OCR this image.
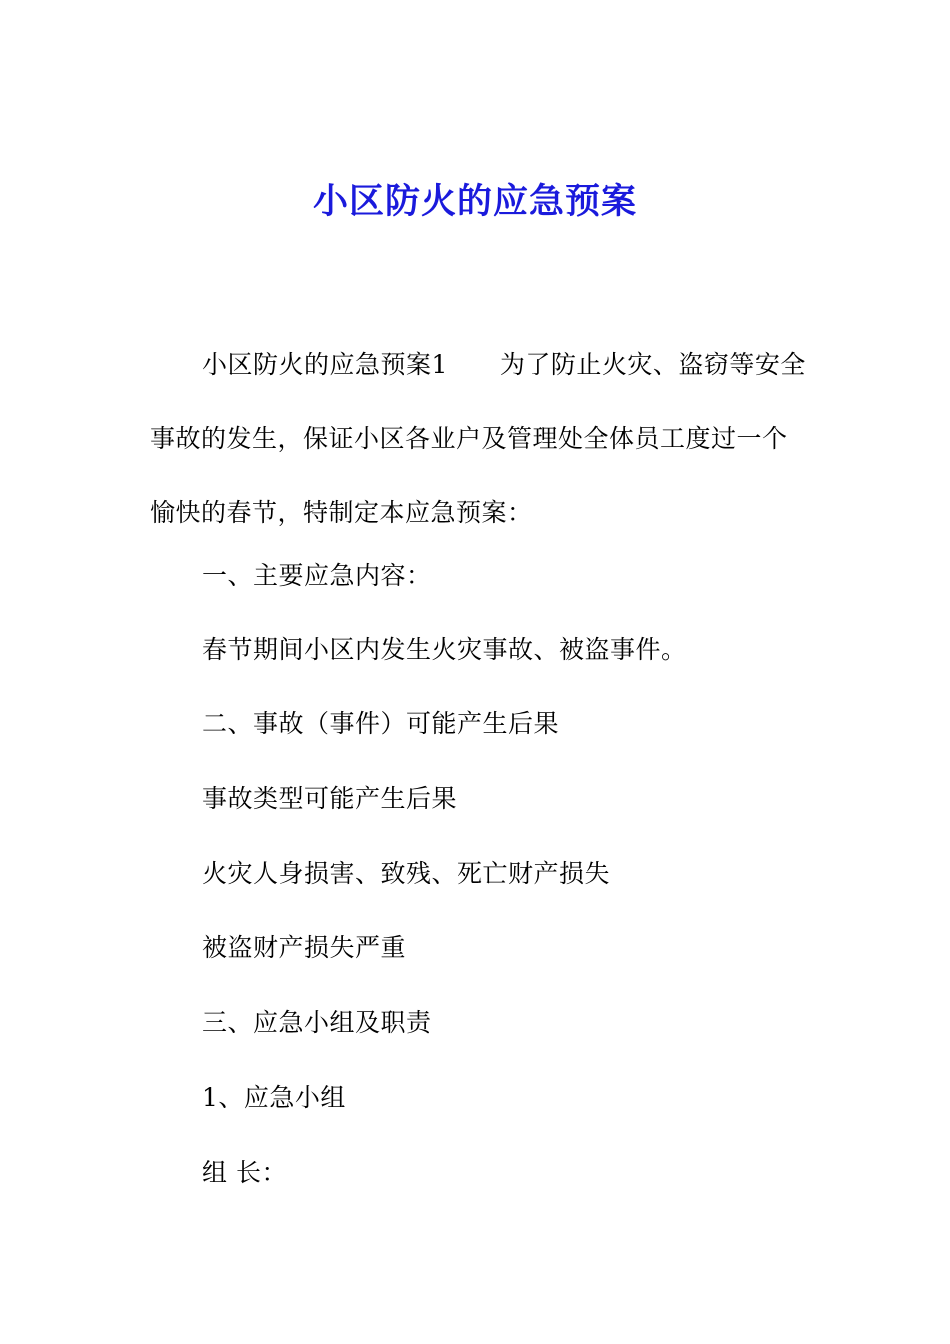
小区防火的应急预案

小区防火的应急预案1 为了防止火灾、盗窃等安全事故的发生，保证小区各业户及管理处全体员工度过一个愉快的春节，特制定本应急预案：

一、主要应急内容：

春节期间小区内发生火灾事故、被盗事件。

二、事故（事件）可能产生后果

事故类型可能产生后果

火灾人身损害、致残、死亡财产损失

被盗财产损失严重

三、应急小组及职责

1、应急小组

组 长：
